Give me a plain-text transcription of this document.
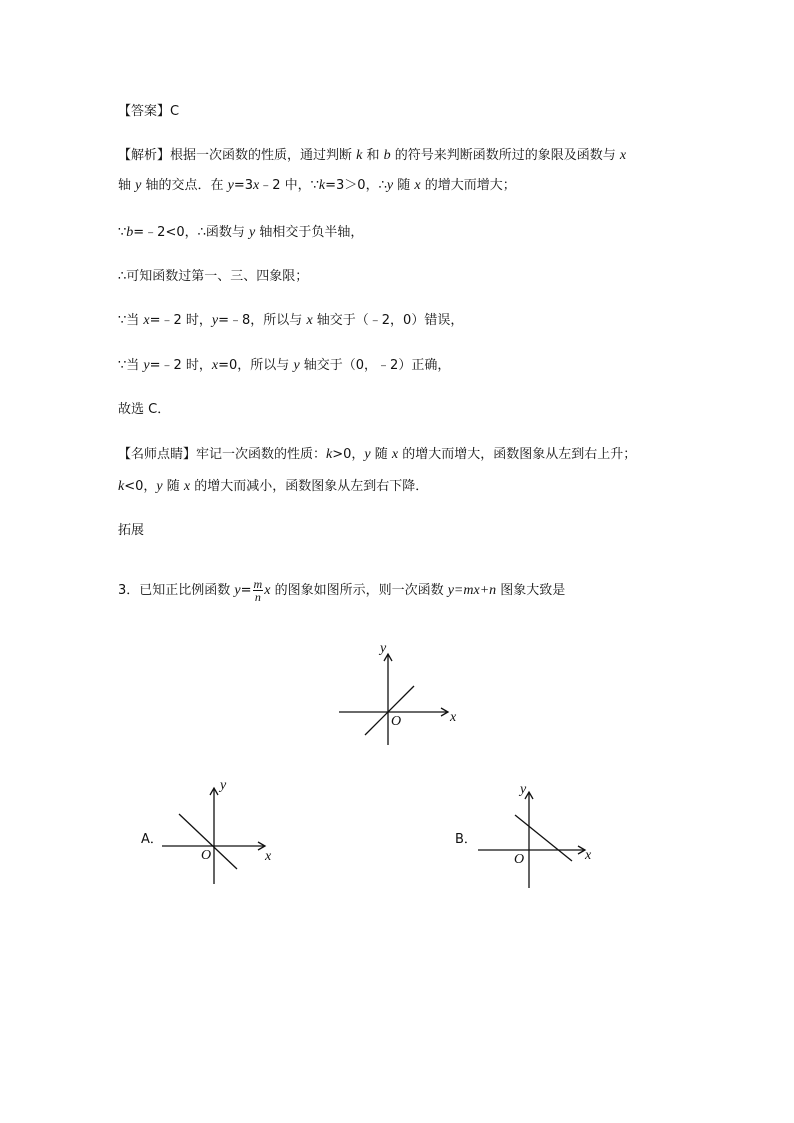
【答案】C
【解析】根据一次函数的性质，通过判断 k 和 b 的符号来判断函数所过的象限及函数与 x
轴 y 轴的交点．在 y=3x﹣2 中，∵k=3＞0，∴y 随 x 的增大而增大；
∵b=﹣2<0，∴函数与 y 轴相交于负半轴，
∴可知函数过第一、三、四象限；
∵当 x=﹣2 时，y=﹣8，所以与 x 轴交于（﹣2，0）错误，
∵当 y=﹣2 时，x=0，所以与 y 轴交于（0，﹣2）正确，
故选 C．
【名师点睛】牢记一次函数的性质：k>0，y 随 x 的增大而增大，函数图象从左到右上升；
k<0，y 随 x 的增大而减小，函数图象从左到右下降．
拓展
3．已知正比例函数 $y= \frac{m}{n}$ x 的图象如图所示，则一次函数 y=mx+n 图象大致是
x
y
O
x
y
O	x
y
O
A．	B．
